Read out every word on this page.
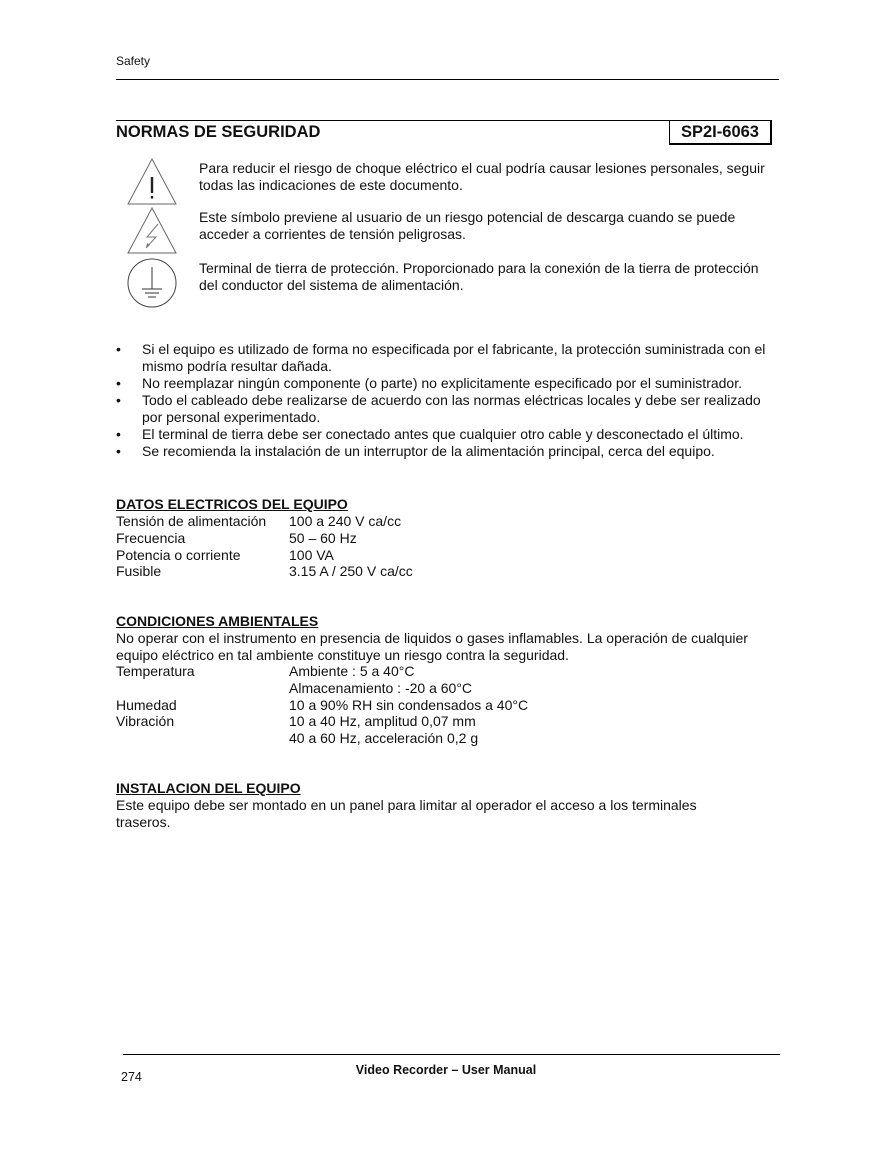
Safety
NORMAS DE SEGURIDAD	SP2I-6063
Para reducir el riesgo de choque eléctrico el cual podría causar lesiones personales, seguir todas las indicaciones de este documento.
Este símbolo previene al usuario de un riesgo potencial de descarga cuando se puede acceder a corrientes de tensión peligrosas.
Terminal de tierra de protección. Proporcionado para la conexión de la tierra de protección del conductor del sistema de alimentación.
• Si el equipo es utilizado de forma no especificada por el fabricante, la protección suministrada con el mismo podría resultar dañada.
• No reemplazar ningún componente (o parte) no explicitamente especificado por el suministrador.
• Todo el cableado debe realizarse de acuerdo con las normas eléctricas locales y debe ser realizado por personal experimentado.
• El terminal de tierra debe ser conectado antes que cualquier otro cable y desconectado el último.
• Se recomienda la instalación de un interruptor de la alimentación principal, cerca del equipo.
DATOS ELECTRICOS DEL EQUIPO
Tensión de alimentación	100 a 240 V ca/cc
Frecuencia	50 – 60 Hz
Potencia o corriente	100 VA
Fusible	3.15 A / 250 V ca/cc
CONDICIONES AMBIENTALES
No operar con el instrumento en presencia de liquidos o gases inflamables. La operación de cualquier equipo eléctrico en tal ambiente constituye un riesgo contra la seguridad.
Temperatura	Ambiente : 5 a 40°C
Almacenamiento : -20 a 60°C
Humedad	10 a 90% RH sin condensados a 40°C
Vibración	10 a 40 Hz, amplitud 0,07 mm
40 a 60 Hz, acceleración 0,2 g
INSTALACION DEL EQUIPO
Este equipo debe ser montado en un panel para limitar al operador el acceso a los terminales traseros.
Video Recorder – User Manual
274
